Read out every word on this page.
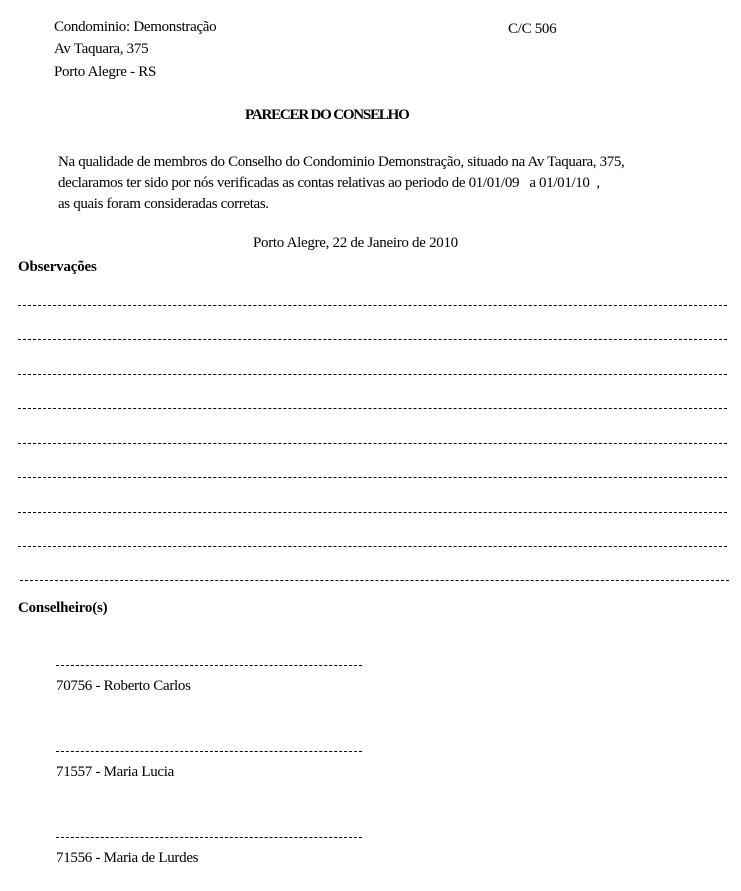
Condominio: Demonstração
Av Taquara, 375
Porto Alegre - RS
C/C 506
PARECER DO CONSELHO
Na qualidade de membros do Conselho do Condominio Demonstração, situado na Av Taquara, 375,
declaramos ter sido por nós verificadas as contas relativas ao periodo de 01/01/09   a 01/01/10  ,
as quais foram consideradas corretas.
Porto Alegre, 22 de Janeiro de 2010
Observações
Conselheiro(s)
70756 - Roberto Carlos
71557 - Maria Lucia
71556 - Maria de Lurdes
